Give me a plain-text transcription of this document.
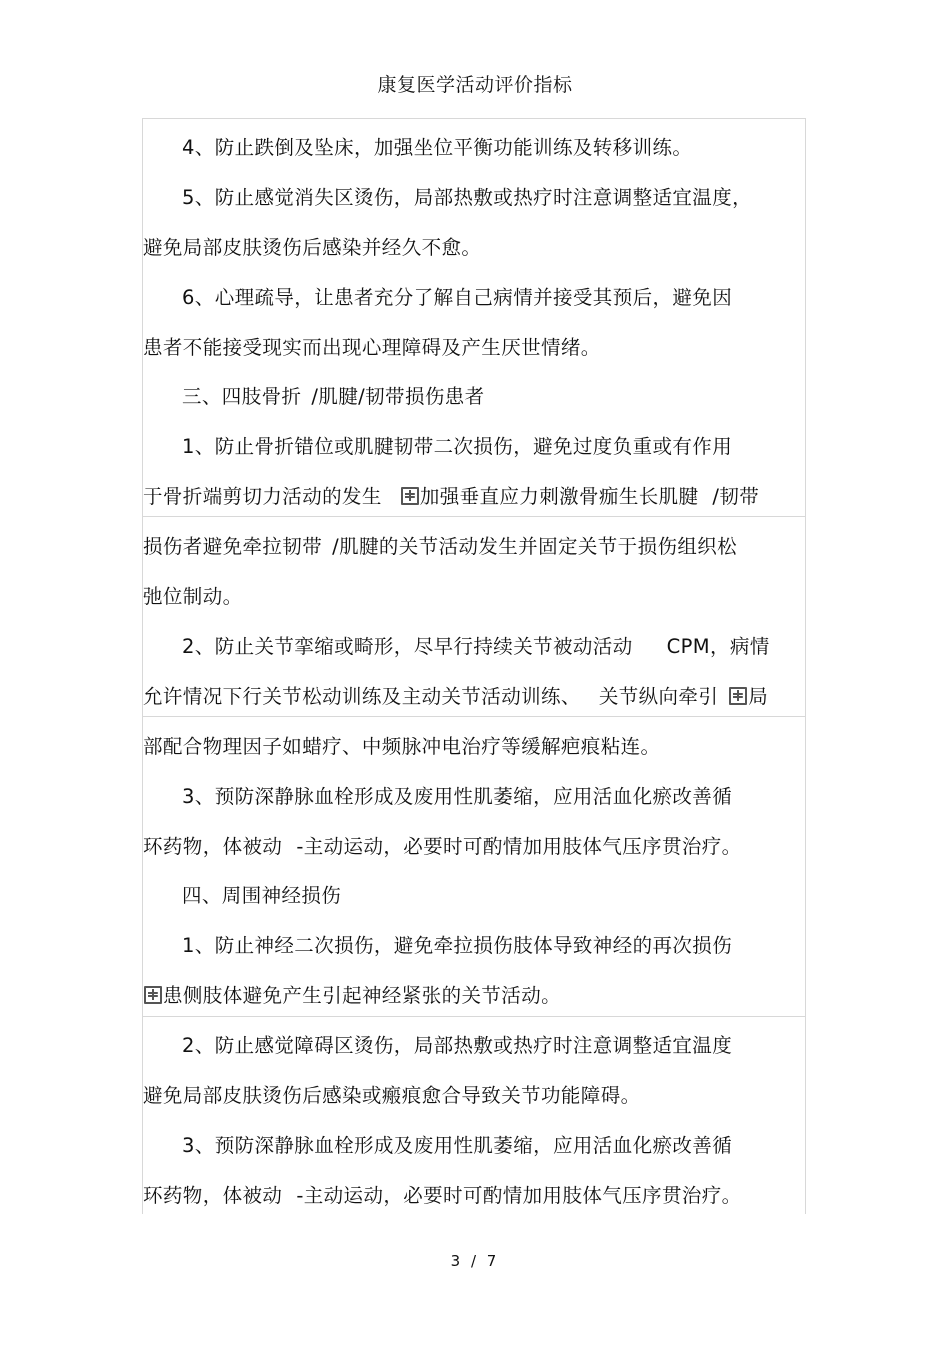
康复医学活动评价指标
4、防止跌倒及坠床，加强坐位平衡功能训练及转移训练。
5、防止感觉消失区烫伤，局部热敷或热疗时注意调整适宜温度，
避免局部皮肤烫伤后感染并经久不愈。
6、心理疏导，让患者充分了解自己病情并接受其预后，避免因
患者不能接受现实而出现心理障碍及产生厌世情绪。
三、四肢骨折 /肌腱/韧带损伤患者
1、防止骨折错位或肌腱韧带二次损伤，避免过度负重或有作用
于骨折端剪切力活动的发生 加强垂直应力刺激骨痂生长肌腱 /韧带
损伤者避免牵拉韧带 /肌腱的关节活动发生并固定关节于损伤组织松
弛位制动。
2、防止关节挛缩或畸形，尽早行持续关节被动活动 CPM，病情
允许情况下行关节松动训练及主动关节活动训练、 关节纵向牵引 局
部配合物理因子如蜡疗、中频脉冲电治疗等缓解疤痕粘连。
3、预防深静脉血栓形成及废用性肌萎缩，应用活血化瘀改善循
环药物，体被动 -主动运动，必要时可酌情加用肢体气压序贯治疗。
四、周围神经损伤
1、防止神经二次损伤，避免牵拉损伤肢体导致神经的再次损伤
患侧肢体避免产生引起神经紧张的关节活动。
2、防止感觉障碍区烫伤，局部热敷或热疗时注意调整适宜温度
避免局部皮肤烫伤后感染或瘢痕愈合导致关节功能障碍。
3、预防深静脉血栓形成及废用性肌萎缩，应用活血化瘀改善循
环药物，体被动 -主动运动，必要时可酌情加用肢体气压序贯治疗。
3 / 7
